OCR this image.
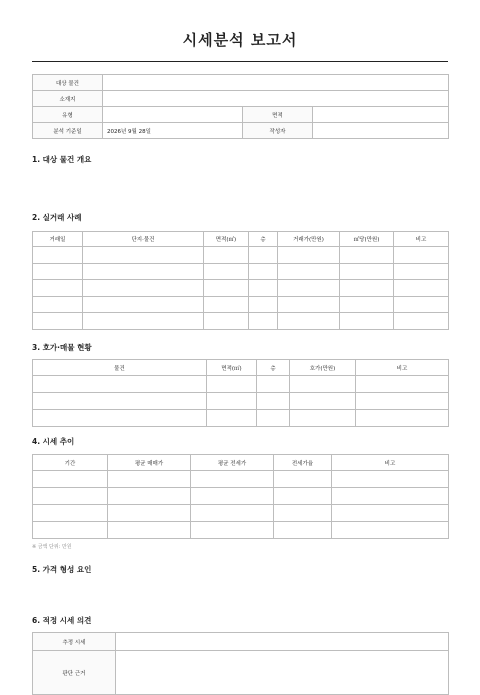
시세분석 보고서
대상 물건			
소재지			
유형		면적	
분석 기준일	2026년 9월 28일	작성자	
1. 대상 물건 개요
2. 실거래 사례
거래일	단지·물건	면적(㎡)	층	거래가(만원)	㎡당(만원)	비고

3. 호가·매물 현황
물건	면적(㎡)	층	호가(만원)	비고

4. 시세 추이
기간	평균 매매가	평균 전세가	전세가율	비고

※ 금액 단위: 만원
5. 가격 형성 요인
6. 적정 시세 의견
추정 시세	
판단 근거	
